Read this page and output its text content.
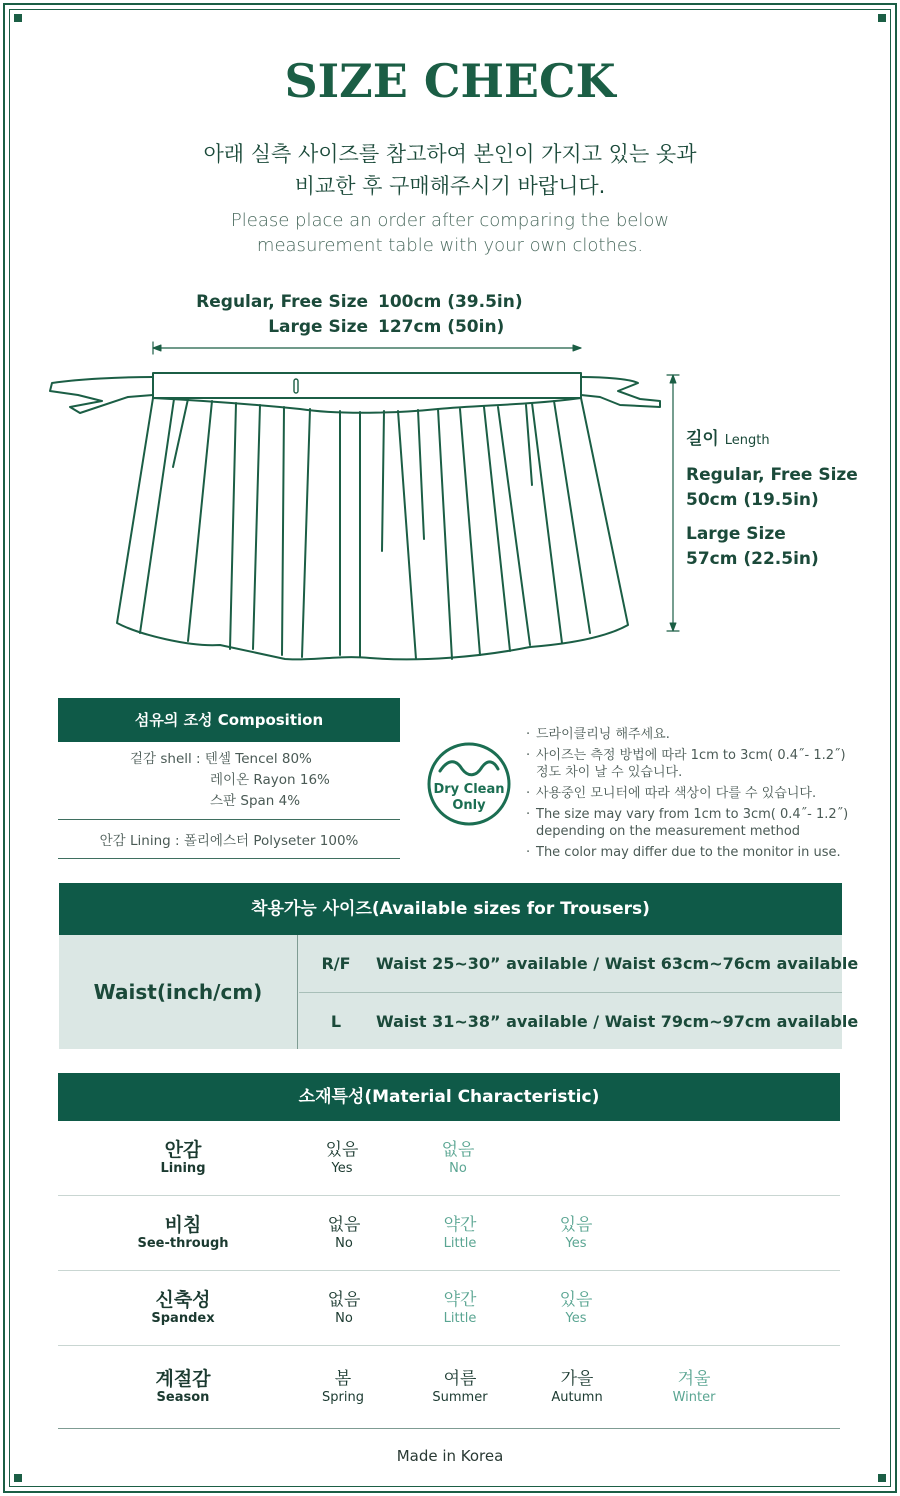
SIZE CHECK
아래 실측 사이즈를 참고하여 본인이 가지고 있는 옷과
비교한 후 구매해주시기 바랍니다.
Please place an order after comparing the below
measurement table with your own clothes.
Regular, Free Size 100cm (39.5in)
Large Size 127cm (50in)
길이 Length
Regular, Free Size
50cm (19.5in)
Large Size
57cm (22.5in)
섬유의 조성 Composition
겉감 shell : 텐셀 Tencel 80%
레이온 Rayon 16%
스판 Span 4%
안감 Lining : 폴리에스터 Polyseter 100%
Dry Clean
Only
· 드라이클리닝 해주세요.
· 사이즈는 측정 방법에 따라 1cm to 3cm( 0.4˝- 1.2˝)
정도 차이 날 수 있습니다.
· 사용중인 모니터에 따라 색상이 다를 수 있습니다.
· The size may vary from 1cm to 3cm( 0.4˝- 1.2˝)
depending on the measurement method
· The color may differ due to the monitor in use.
착용가능 사이즈(Available sizes for Trousers)
Waist(inch/cm)
R/F	Waist 25~30” available / Waist 63cm~76cm available
L	Waist 31~38” available / Waist 79cm~97cm available
소재특성(Material Characteristic)
안감
Lining
있음
Yes
없음
No
비침
See-through
없음
No
약간
Little
있음
Yes
신축성
Spandex
없음
No
약간
Little
있음
Yes
계절감
Season
봄
Spring
여름
Summer
가을
Autumn
겨울
Winter
Made in Korea
